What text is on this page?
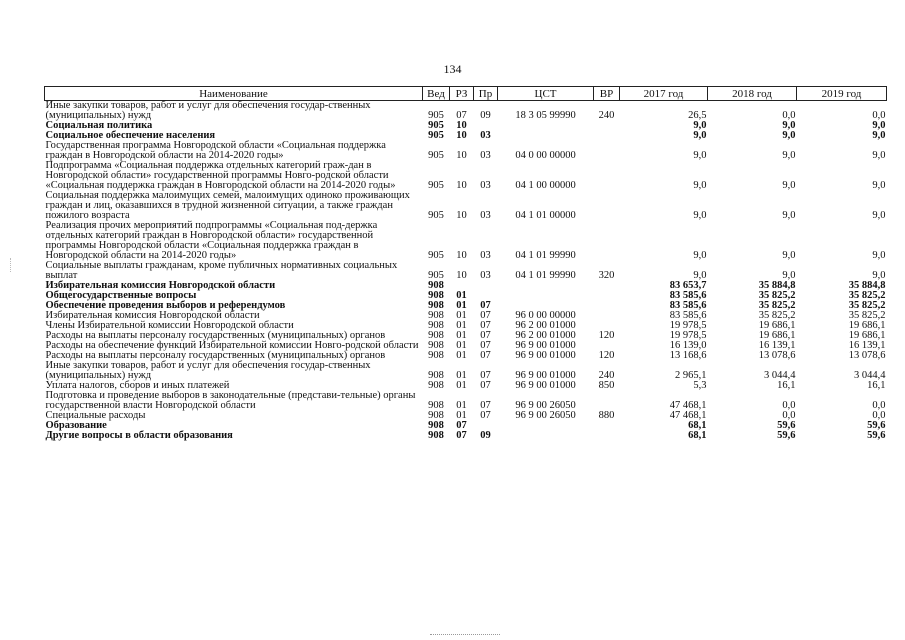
134
Наименование	Вед	РЗ	Пр	ЦСТ	ВР	2017 год	2018 год	2019 год
Иные закупки товаров, работ и услуг для обеспечения государ-ственных (муниципальных) нужд	905	07	09	18 3 05 99990	240	26,5	0,0	0,0
Социальная политика	905	10				9,0	9,0	9,0
Социальное обеспечение населения	905	10	03			9,0	9,0	9,0
Государственная программа Новгородской области «Социальная поддержка граждан в Новгородской области на 2014-2020 годы»	905	10	03	04 0 00 00000		9,0	9,0	9,0
Подпрограмма «Социальная поддержка отдельных категорий граж-дан в Новгородской области» государственной программы Новго-родской области «Социальная поддержка граждан в Новгородской области на 2014-2020 годы»	905	10	03	04 1 00 00000		9,0	9,0	9,0
Социальная поддержка малоимущих семей, малоимущих одиноко проживающих граждан и лиц, оказавшихся в трудной жизненной ситуации, а также граждан пожилого возраста	905	10	03	04 1 01 00000		9,0	9,0	9,0
Реализация прочих мероприятий подпрограммы «Социальная под-держка отдельных категорий граждан в Новгородской области» государственной программы Новгородской области «Социальная поддержка граждан в Новгородской области на 2014-2020 годы»	905	10	03	04 1 01 99990		9,0	9,0	9,0
Социальные выплаты гражданам, кроме публичных нормативных социальных выплат	905	10	03	04 1 01 99990	320	9,0	9,0	9,0
Избирательная комиссия Новгородской области	908					83 653,7	35 884,8	35 884,8
Общегосударственные вопросы	908	01				83 585,6	35 825,2	35 825,2
Обеспечение проведения выборов и референдумов	908	01	07			83 585,6	35 825,2	35 825,2
Избирательная комиссия Новгородской области	908	01	07	96 0 00 00000		83 585,6	35 825,2	35 825,2
Члены Избирательной комиссии Новгородской области	908	01	07	96 2 00 01000		19 978,5	19 686,1	19 686,1
Расходы на выплаты персоналу государственных (муниципальных) органов	908	01	07	96 2 00 01000	120	19 978,5	19 686,1	19 686,1
Расходы на обеспечение функций Избирательной комиссии Новго-родской области	908	01	07	96 9 00 01000		16 139,0	16 139,1	16 139,1
Расходы на выплаты персоналу государственных (муниципальных) органов	908	01	07	96 9 00 01000	120	13 168,6	13 078,6	13 078,6
Иные закупки товаров, работ и услуг для обеспечения государ-ственных (муниципальных) нужд	908	01	07	96 9 00 01000	240	2 965,1	3 044,4	3 044,4
Уплата налогов, сборов и иных платежей	908	01	07	96 9 00 01000	850	5,3	16,1	16,1
Подготовка и проведение выборов в законодательные (представи-тельные) органы государственной власти Новгородской области	908	01	07	96 9 00 26050		47 468,1	0,0	0,0
Специальные расходы	908	01	07	96 9 00 26050	880	47 468,1	0,0	0,0
Образование	908	07				68,1	59,6	59,6
Другие вопросы в области образования	908	07	09			68,1	59,6	59,6
